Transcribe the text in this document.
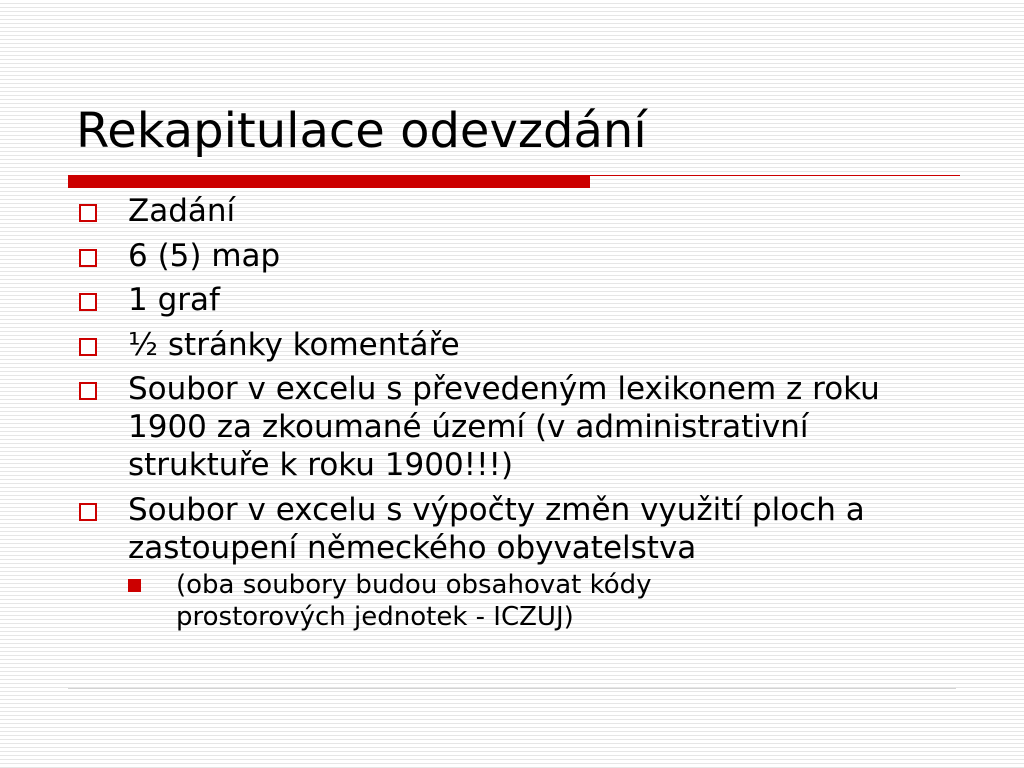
Rekapitulace odevzdání
Zadání
6 (5) map
1 graf
½ stránky komentáře
Soubor v excelu s převedeným lexikonem z roku 1900 za zkoumané území (v administrativní struktuře k roku 1900!!!)
Soubor v excelu s výpočty změn využití ploch a zastoupení německého obyvatelstva
(oba soubory budou obsahovat kódy prostorových jednotek - ICZUJ)
